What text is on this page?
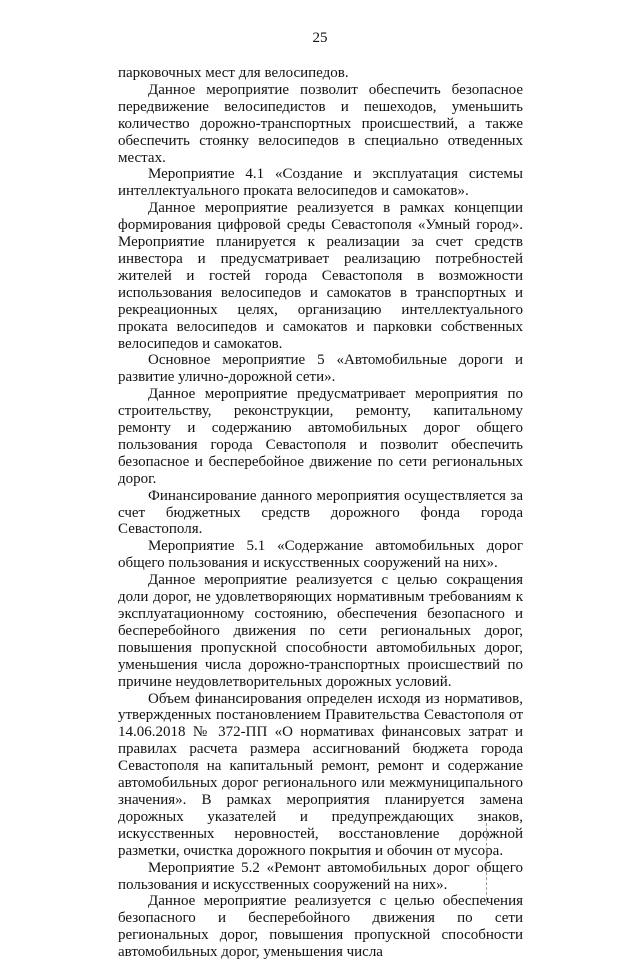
25

парковочных мест для велосипедов.

Данное мероприятие позволит обеспечить безопасное передвижение велосипедистов и пешеходов, уменьшить количество дорожно-транспортных происшествий, а также обеспечить стоянку велосипедов в специально отведенных местах.

Мероприятие 4.1 «Создание и эксплуатация системы интеллектуального проката велосипедов и самокатов».

Данное мероприятие реализуется в рамках концепции формирования цифровой среды Севастополя «Умный город». Мероприятие планируется к реализации за счет средств инвестора и предусматривает реализацию потребностей жителей и гостей города Севастополя в возможности использования велосипедов и самокатов в транспортных и рекреационных целях, организацию интеллектуального проката велосипедов и самокатов и парковки собственных велосипедов и самокатов.

Основное мероприятие 5 «Автомобильные дороги и развитие улично-дорожной сети».

Данное мероприятие предусматривает мероприятия по строительству, реконструкции, ремонту, капитальному ремонту и содержанию автомобильных дорог общего пользования города Севастополя и позволит обеспечить безопасное и бесперебойное движение по сети региональных дорог.

Финансирование данного мероприятия осуществляется за счет бюджетных средств дорожного фонда города Севастополя.

Мероприятие 5.1 «Содержание автомобильных дорог общего пользования и искусственных сооружений на них».

Данное мероприятие реализуется с целью сокращения доли дорог, не удовлетворяющих нормативным требованиям к эксплуатационному состоянию, обеспечения безопасного и бесперебойного движения по сети региональных дорог, повышения пропускной способности автомобильных дорог, уменьшения числа дорожно-транспортных происшествий по причине неудовлетворительных дорожных условий.

Объем финансирования определен исходя из нормативов, утвержденных постановлением Правительства Севастополя от 14.06.2018 № 372-ПП «О нормативах финансовых затрат и правилах расчета размера ассигнований бюджета города Севастополя на капитальный ремонт, ремонт и содержание автомобильных дорог регионального или межмуниципального значения». В рамках мероприятия планируется замена дорожных указателей и предупреждающих знаков, искусственных неровностей, восстановление дорожной разметки, очистка дорожного покрытия и обочин от мусора.

Мероприятие 5.2 «Ремонт автомобильных дорог общего пользования и искусственных сооружений на них».

Данное мероприятие реализуется с целью обеспечения безопасного и бесперебойного движения по сети региональных дорог, повышения пропускной способности автомобильных дорог, уменьшения числа
